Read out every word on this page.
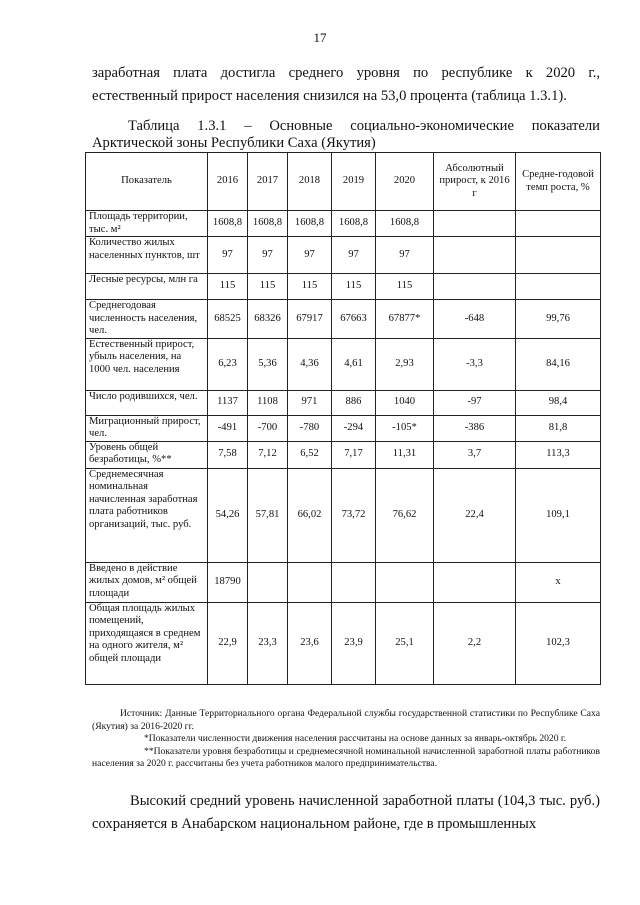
17
заработная плата достигла среднего уровня по республике к 2020 г., естественный прирост населения снизился на 53,0 процента (таблица 1.3.1).
Таблица 1.3.1 – Основные социально-экономические показатели
Арктической зоны Республики Саха (Якутия)
Показатель	2016	2017	2018	2019	2020	Абсолютный прирост, к 2016 г	Средне-годовой темп роста, %
Площадь территории, тыс. м²	1608,8	1608,8	1608,8	1608,8	1608,8		
Количество жилых населенных пунктов, шт	97	97	97	97	97		
Лесные ресурсы, млн га	115	115	115	115	115		
Среднегодовая численность населения, чел.	68525	68326	67917	67663	67877*	-648	99,76
Естественный прирост, убыль населения, на 1000 чел. населения	6,23	5,36	4,36	4,61	2,93	-3,3	84,16
Число родившихся, чел.	1137	1108	971	886	1040	-97	98,4
Миграционный прирост, чел.	-491	-700	-780	-294	-105*	-386	81,8
Уровень общей безработицы, %**	7,58	7,12	6,52	7,17	11,31	3,7	113,3
Среднемесячная номинальная начисленная заработная плата работников организаций, тыс. руб.	54,26	57,81	66,02	73,72	76,62	22,4	109,1
Введено в действие жилых домов, м² общей площади	18790						х
Общая площадь жилых помещений, приходящаяся в среднем на одного жителя, м² общей площади	22,9	23,3	23,6	23,9	25,1	2,2	102,3

Источник: Данные Территориального органа Федеральной службы государственной статистики по Республике Саха (Якутия) за 2016-2020 гг.

*Показатели численности движения населения рассчитаны на основе данных за январь-октябрь 2020 г.

**Показатели уровня безработицы и среднемесячной номинальной начисленной заработной платы работников населения за 2020 г. рассчитаны без учета работников малого предпринимательства.

Высокий средний уровень начисленной заработной платы (104,3 тыс. руб.) сохраняется в Анабарском национальном районе, где в промышленных
